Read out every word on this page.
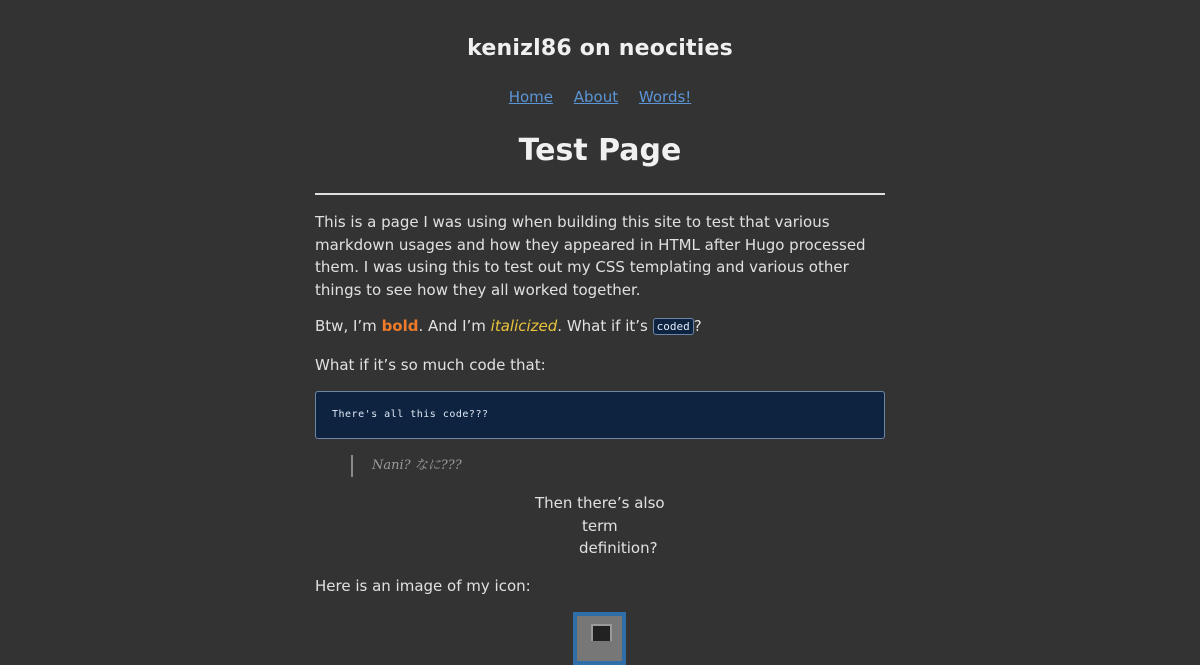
kenizl86 on neocities
Home About Words!
Test Page

This is a page I was using when building this site to test that various markdown usages and how they appeared in HTML after Hugo processed them. I was using this to test out my CSS templating and various other things to see how they all worked together.

Btw, I’m bold. And I’m italicized. What if it’s coded ?

What if it’s so much code that:

There's all this code???
Nani? なに???
Then there’s also
term
definition?

Here is an image of my icon:
